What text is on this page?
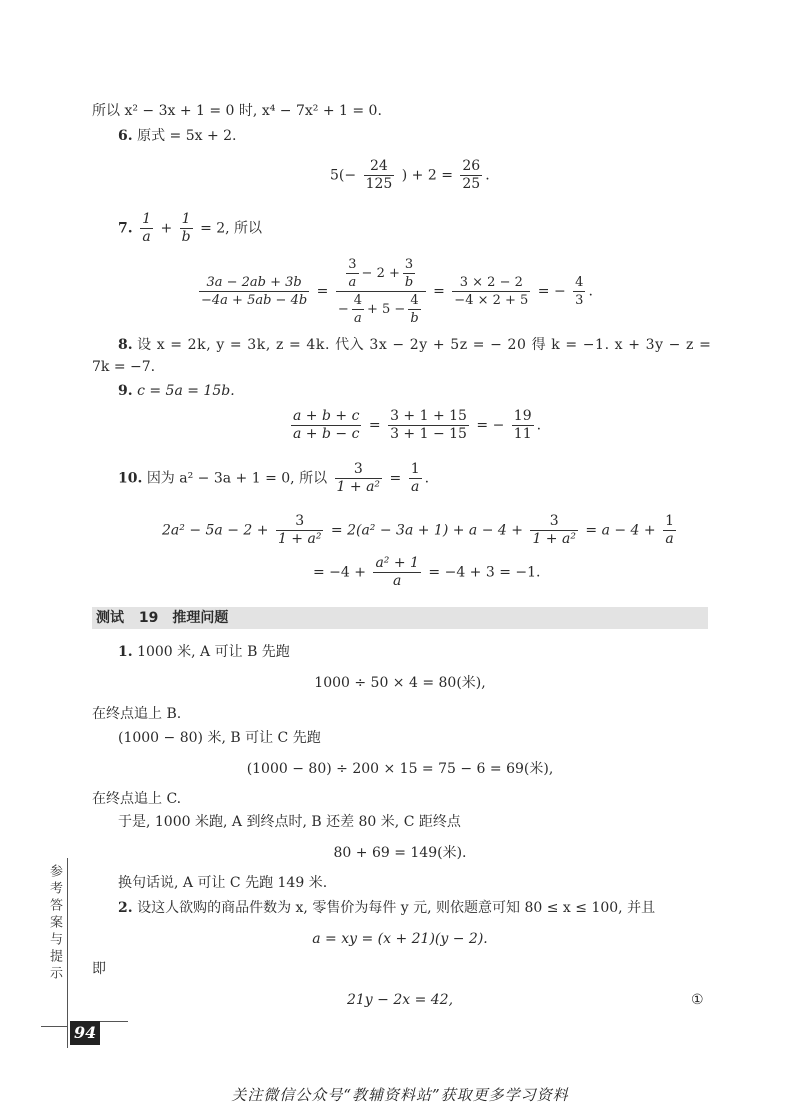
所以 x² − 3x + 1 = 0 时, x⁴ − 7x² + 1 = 0.
6. 原式 = 5x + 2.
$5(- \frac{24}{125}$ ) + $2 = \frac{26}{25}$ .
7. $\frac{1}{a} + \frac{1}{b} = 2$, 所以
$\frac{3a - 2ab + 3b}{-4a + 5ab - 4b} = \frac{\frac{3}{a} - 2 + \frac{3}{b}}{- \frac{4}{a} + 5 - \frac{4}{b}} = \frac{3 \times 2 - 2}{-4 \times 2 + 5}$ = − $\frac{4}{3}$ .
8. 设 x = 2k, y = 3k, z = 4k. 代入 3x − 2y + 5z = − 20 得 k = −1. x + 3y − z =
7k = −7.
9. c = 5a = 15b.
$\frac{a + b + c}{a + b - c} = \frac{3 + 1 + 15}{3 + 1 - 15}$ = − $\frac{19}{11}$ .
10. 因为 a² − 3a + 1 = 0, 所以 $\frac{3}{\text{1 + a²}} = \frac{1}{a}$ .
$2a^2 - 5a - 2 + \frac{3}{\text{1 + a²}} = 2(a^2 - 3a + 1) + a - 4 + \frac{3}{\text{1 + a²}} = a - 4 + \frac{1}{a}$
= $-4 + \frac{\text{a² + 1}}{a} = -4 + 3 = -1$.
测试 19　推理问题
1. 1000 米, A 可让 B 先跑
1000 ÷ 50 × 4 = 80(米),
在终点追上 B.
(1000 − 80) 米, B 可让 C 先跑
(1000 − 80) ÷ 200 × 15 = 75 − 6 = 69(米),
在终点追上 C.
于是, 1000 米跑, A 到终点时, B 还差 80 米, C 距终点
80 + 69 = 149(米).
换句话说, A 可让 C 先跑 149 米.
2. 设这人欲购的商品件数为 x, 零售价为每件 y 元, 则依题意可知 80 ≤ x ≤ 100, 并且
a = xy = (x + 21)(y − 2).
即
21y − 2x = 42,	①
参考答案与提示
94
关注微信公众号“教辅资料站”获取更多学习资料
